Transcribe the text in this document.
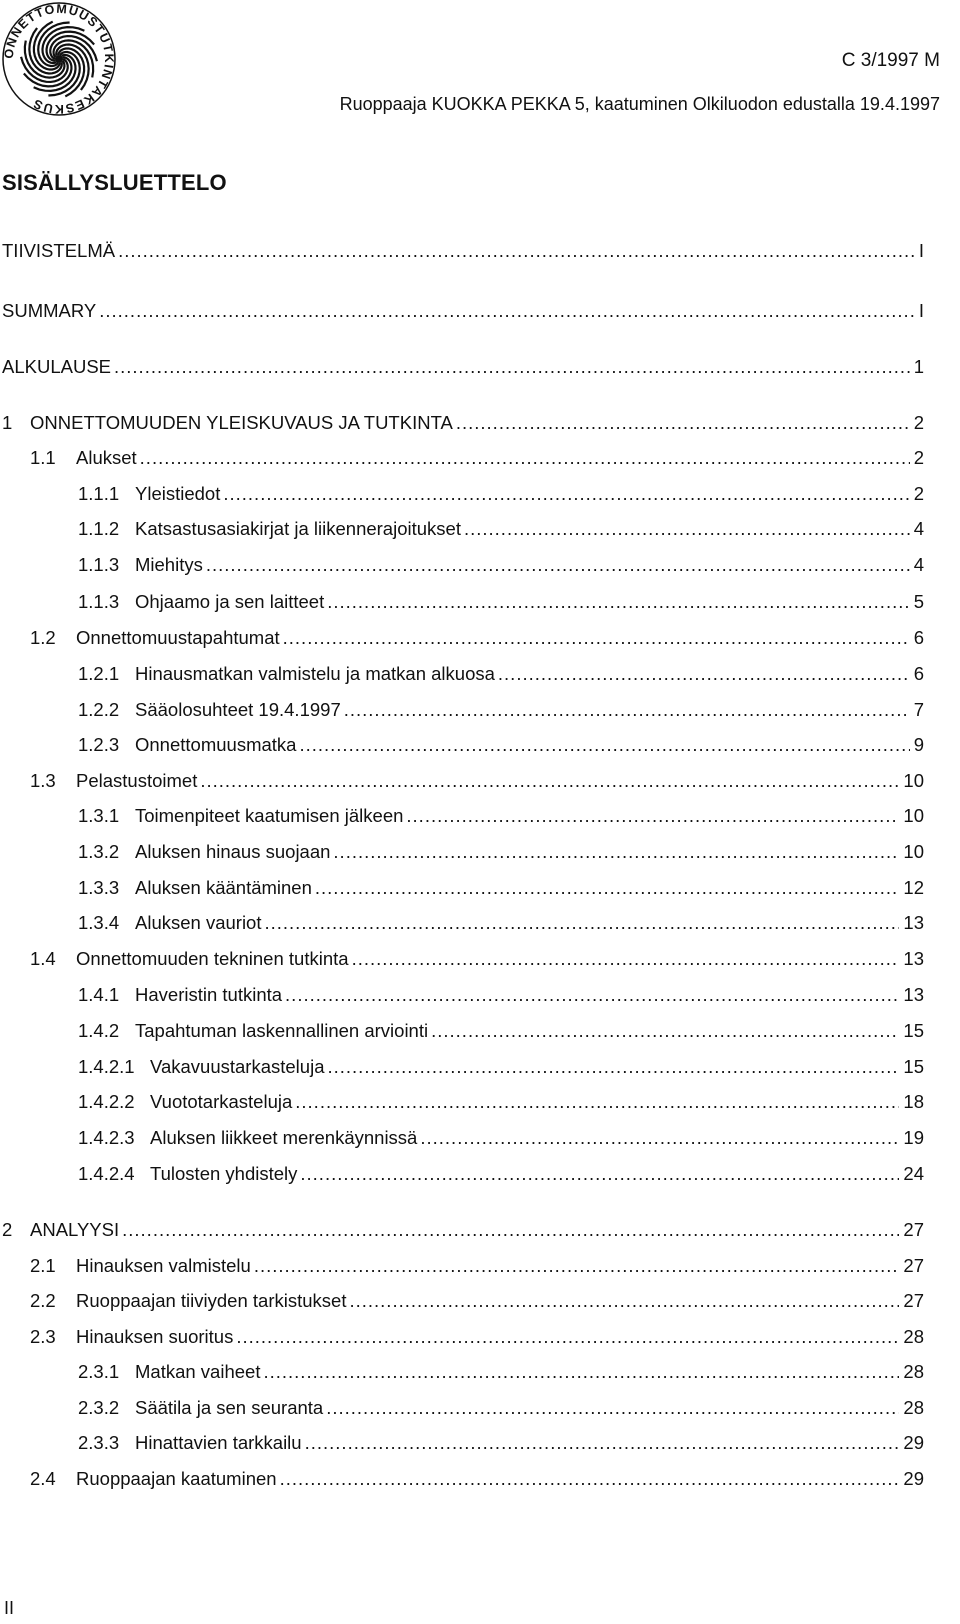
ONNETTOMUUSTUTKINTAKESKUS
C 3/1997 M
Ruoppaaja KUOKKA PEKKA 5, kaatuminen Olkiluodon edustalla 19.4.1997
SISÄLLYSLUETTELO
TIIVISTELMÄ .....	I
SUMMARY .....	I
ALKULAUSE .....	1
1 ONNETTOMUUDEN YLEISKUVAUS JA TUTKINTA .....	2
1.1	Alukset .....	2
1.1.1 Yleistiedot .....	2
1.1.2 Katsastusasiakirjat ja liikennerajoitukset .....	4
1.1.3 Miehitys .....	4
1.1.3 Ohjaamo ja sen laitteet .....	5
1.2	Onnettomuustapahtumat .....	6
1.2.1 Hinausmatkan valmistelu ja matkan alkuosa .....	6
1.2.2 Sääolosuhteet 19.4.1997 .....	7
1.2.3 Onnettomuusmatka .....	9
1.3	Pelastustoimet .....	10
1.3.1 Toimenpiteet kaatumisen jälkeen .....	10
1.3.2 Aluksen hinaus suojaan .....	10
1.3.3 Aluksen kääntäminen .....	12
1.3.4 Aluksen vauriot .....	13
1.4	Onnettomuuden tekninen tutkinta .....	13
1.4.1 Haveristin tutkinta .....	13
1.4.2 Tapahtuman laskennallinen arviointi .....	15
1.4.2.1 Vakavuustarkasteluja .....	15
1.4.2.2 Vuototarkasteluja .....	18
1.4.2.3 Aluksen liikkeet merenkäynnissä .....	19
1.4.2.4 Tulosten yhdistely .....	24
2 ANALYYSI .....	27
2.1	Hinauksen valmistelu .....	27
2.2	Ruoppaajan tiiviyden tarkistukset .....	27
2.3	Hinauksen suoritus .....	28
2.3.1 Matkan vaiheet .....	28
2.3.2 Säätila ja sen seuranta .....	28
2.3.3 Hinattavien tarkkailu .....	29
2.4	Ruoppaajan kaatuminen .....	29
II
